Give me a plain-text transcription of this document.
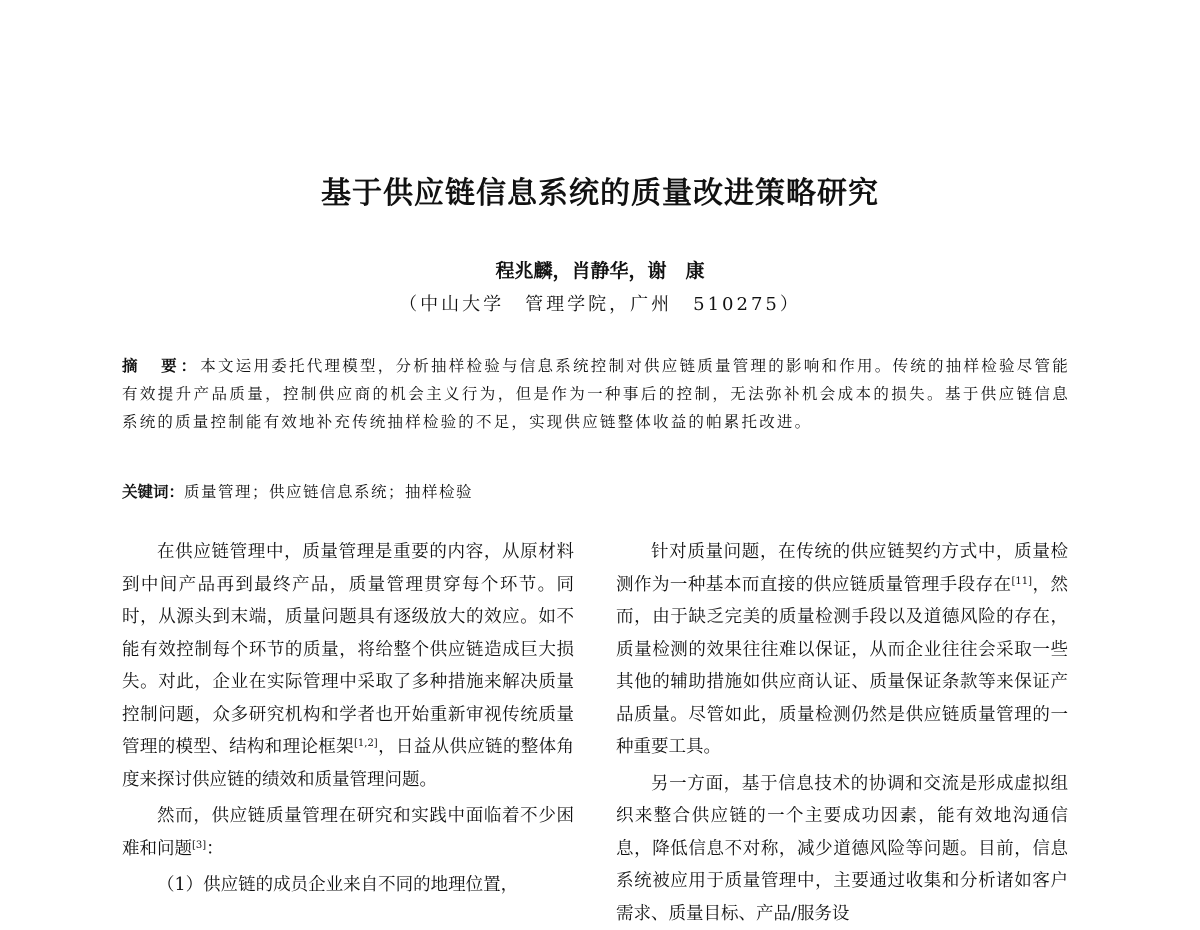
基于供应链信息系统的质量改进策略研究
程兆麟，肖静华，谢　康
（中山大学　管理学院，广州　510275）
摘　要：本文运用委托代理模型，分析抽样检验与信息系统控制对供应链质量管理的影响和作用。传统的抽样检验尽管能有效提升产品质量，控制供应商的机会主义行为，但是作为一种事后的控制，无法弥补机会成本的损失。基于供应链信息系统的质量控制能有效地补充传统抽样检验的不足，实现供应链整体收益的帕累托改进。
关键词：质量管理；供应链信息系统；抽样检验

在供应链管理中，质量管理是重要的内容，从原材料到中间产品再到最终产品，质量管理贯穿每个环节。同时，从源头到末端，质量问题具有逐级放大的效应。如不能有效控制每个环节的质量，将给整个供应链造成巨大损失。对此，企业在实际管理中采取了多种措施来解决质量控制问题，众多研究机构和学者也开始重新审视传统质量管理的模型、结构和理论框架[1,2]，日益从供应链的整体角度来探讨供应链的绩效和质量管理问题。

然而，供应链质量管理在研究和实践中面临着不少困难和问题[3]：

（1）供应链的成员企业来自不同的地理位置，

针对质量问题，在传统的供应链契约方式中，质量检测作为一种基本而直接的供应链质量管理手段存在[11]，然而，由于缺乏完美的质量检测手段以及道德风险的存在，质量检测的效果往往难以保证，从而企业往往会采取一些其他的辅助措施如供应商认证、质量保证条款等来保证产品质量。尽管如此，质量检测仍然是供应链质量管理的一种重要工具。

另一方面，基于信息技术的协调和交流是形成虚拟组织来整合供应链的一个主要成功因素，能有效地沟通信息，降低信息不对称，减少道德风险等问题。目前，信息系统被应用于质量管理中，主要通过收集和分析诸如客户需求、质量目标、产品/服务设
